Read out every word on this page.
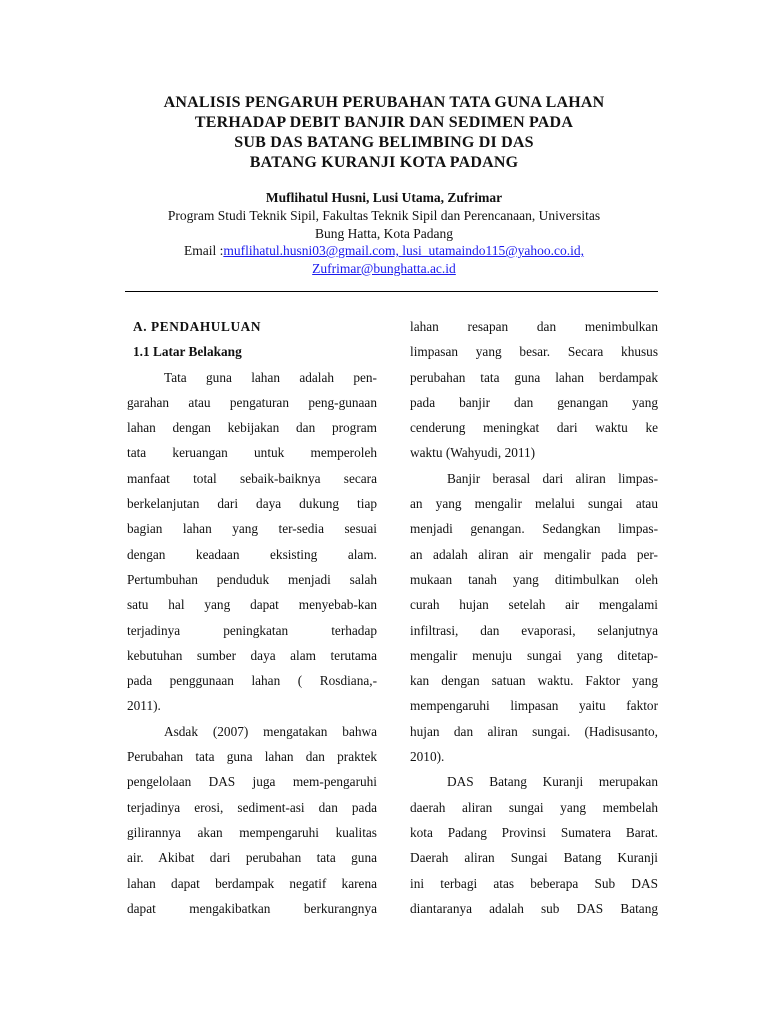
ANALISIS PENGARUH PERUBAHAN TATA GUNA LAHAN
TERHADAP DEBIT BANJIR DAN SEDIMEN PADA
SUB DAS BATANG BELIMBING DI DAS
BATANG KURANJI KOTA PADANG
Muflihatul Husni, Lusi Utama, Zufrimar
Program Studi Teknik Sipil, Fakultas Teknik Sipil dan Perencanaan, Universitas
Bung Hatta, Kota Padang
Email :muflihatul.husni03@gmail.com, lusi_utamaindo115@yahoo.co.id,
Zufrimar@bunghatta.ac.id
A. PENDAHULUAN
1.1 Latar Belakang
Tata guna lahan adalah pen-
garahan atau pengaturan peng-gunaan
lahan dengan kebijakan dan program
tata keruangan untuk memperoleh
manfaat total sebaik-baiknya secara
berkelanjutan dari daya dukung tiap
bagian lahan yang ter-sedia sesuai
dengan keadaan eksisting alam.
Pertumbuhan penduduk menjadi salah
satu hal yang dapat menyebab-kan
terjadinya peningkatan terhadap
kebutuhan sumber daya alam terutama
pada penggunaan lahan ( Rosdiana,-
2011).
Asdak (2007) mengatakan bahwa
Perubahan tata guna lahan dan praktek
pengelolaan DAS juga mem-pengaruhi
terjadinya erosi, sediment-asi dan pada
gilirannya akan mempengaruhi kualitas
air. Akibat dari perubahan tata guna
lahan dapat berdampak negatif karena
dapat mengakibatkan berkurangnya
lahan resapan dan menimbulkan
limpasan yang besar. Secara khusus
perubahan tata guna lahan berdampak
pada banjir dan genangan yang
cenderung meningkat dari waktu ke
waktu (Wahyudi, 2011)
Banjir berasal dari aliran limpas-
an yang mengalir melalui sungai atau
menjadi genangan. Sedangkan limpas-
an adalah aliran air mengalir pada per-
mukaan tanah yang ditimbulkan oleh
curah hujan setelah air mengalami
infiltrasi, dan evaporasi, selanjutnya
mengalir menuju sungai yang ditetap-
kan dengan satuan waktu. Faktor yang
mempengaruhi limpasan yaitu faktor
hujan dan aliran sungai. (Hadisusanto,
2010).
DAS Batang Kuranji merupakan
daerah aliran sungai yang membelah
kota Padang Provinsi Sumatera Barat.
Daerah aliran Sungai Batang Kuranji
ini terbagi atas beberapa Sub DAS
diantaranya adalah sub DAS Batang
